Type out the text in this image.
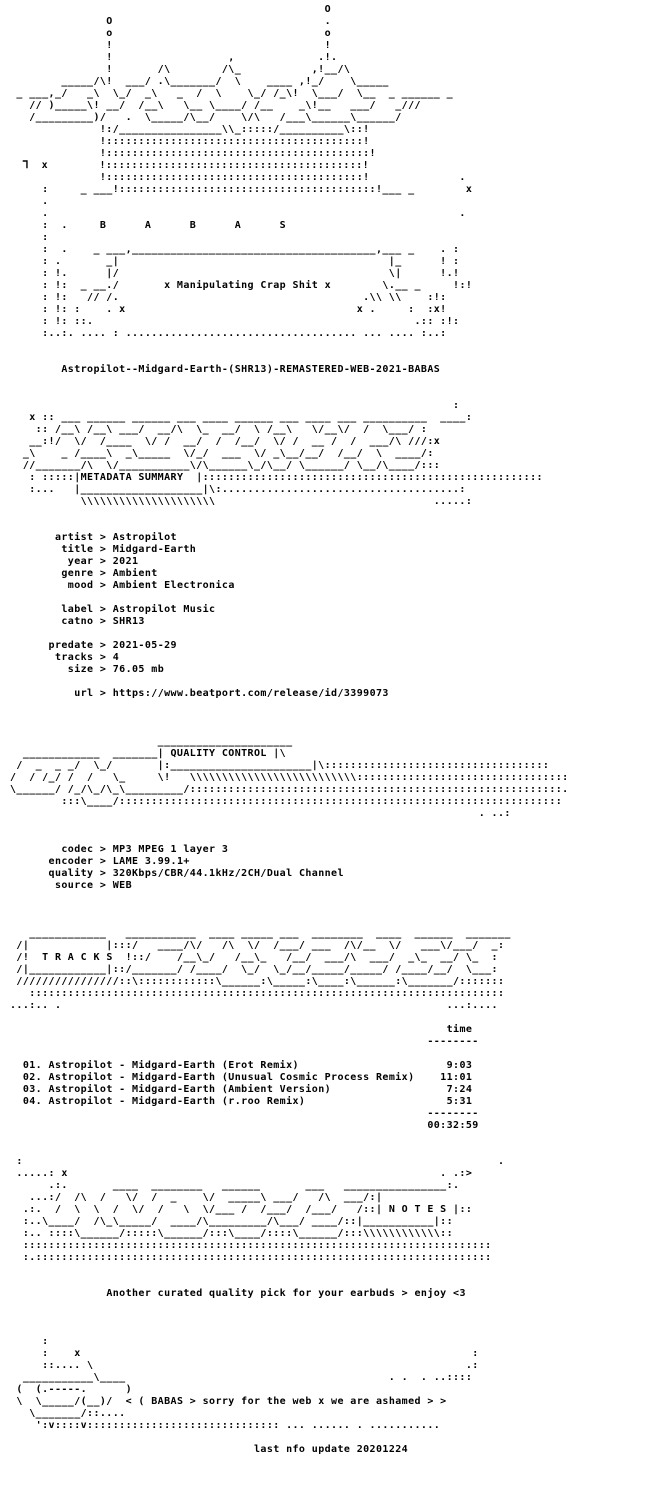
O
O                                 .
o                                 o
!                                 !
!                  ,             .!.
!       /\        /\_           ,!__/\
_____/\!  ___/ .\_______/  \    ____ ,!_/    \_____
_ ___,_/   _\  \_/  _\   _  /  \    \_/ /_\!  \___/  \__  _ ______ _
// )_____\! __/  /__\   \__ \____/ /__    _\!__   ___/   _///
/_________)/   .  \_____/\__/    \/\   /___\______\______/
!:/________________\\_:::::/__________\::!
!::::::::::::::::::::::::::::::::::::::::!
!:::::::::::::::::::::::::::::::::::::::::!
⅂  x        !::::::::::::::::::::::::::::::::::::::::!
!::::::::::::::::::::::::::::::::::::::::!              .
:     _ ___!::::::::::::::::::::::::::::::::::::::::!___ _        x
.
.                                                                .
:  .     B      A      B      A      S
:
:  .    _ ___,______________________________________,___ _    . :
: .       _|                                          |_      ! :
: !.      |/                                          \|      !.!
: !:  _ __./       x Manipulating Crap Shit x	\.__ _     !:!
: !:   // /.                                      .\\ \\    :!:
: !: :    . x                                    x .     :  :x!
: !: ::.                                                  .:: :!:
:..:. .... : .................................... ... .... :..:

Astropilot--Midgard-Earth-(SHR13)-REMASTERED-WEB-2021-BABAS

:
x :: ___ ______ ______ ___ ____ ______ ___ ____ ___ __________  ____:
:: /__\ /__\ ___/  __/\  \_  __/  \ /__\   \/__\/  /  \___/ :
__:!/  \/  /____  \/ /  __/  /  /__/  \/ /  __ /  /  ___/\ ///:x
_\    _ /____\  _\_____  \/_/  ___  \/ _\__/__/  /__/  \  ____/:
//_______/\  \/___________\/\______\_/\__/ \______/ \__/\____/:::
: :::::|METADATA SUMMARY  |:::::::::::::::::::::::::::::::::::::::::::::::::::::
:...   |___________________|\:.....................................:
\\\\\\\\\\\\\\\\\\\\\                                  .....:

artist > Astropilot
title > Midgard-Earth
year > 2021
genre > Ambient
mood > Ambient Electronica

label > Astropilot Music
catno > SHR13

predate > 2021-05-29
tracks > 4
size > 76.05 mb

url > https://www.beatport.com/release/id/3399073

_____________________
____________  _______| QUALITY CONTROL |\
/  _  _ _/  \_/       |:______________________|\:::::::::::::::::::::::::::::::::::
/  / /_/ /  /   \_     \!   \\\\\\\\\\\\\\\\\\\\\\\\\\:::::::::::::::::::::::::::::::::
\______/ /_/\_/\_\_________/::::::::::::::::::::::::::::::::::::::::::::::::::::::::::.
:::\____/:::::::::::::::::::::::::::::::::::::::::::::::::::::::::::::::::::::
. ..:

codec > MP3 MPEG 1 layer 3
encoder > LAME 3.99.1+
quality > 320Kbps/CBR/44.1kHz/2CH/Dual Channel
source > WEB

____________   ___________  ____ _____ ___  ________  ____  ______  _______
/|            |:::/   ____/\/   /\  \/  /___/ ___  /\/__  \/   ___\/___/  _:
/!  T R A C K S  !::/    /__\_/   /__\_   /__/  ___/\  ___/  _\_  __/ \_  :
/|____________|::/_______/ /____/  \_/  \_/__/_____/_____/ /____/__/  \___:
////////////////::\::::::::::::\______:\_____:\____:\______:\_______/:::::::
::::::::::::::::::::::::::::::::::::::::::::::::::::::::::::::::::::::::::
...:.. .                                                            ...:....

time
--------

01. Astropilot - Midgard-Earth (Erot Remix)	9:03
02. Astropilot - Midgard-Earth (Unusual Cosmic Process Remix)	11:01
03. Astropilot - Midgard-Earth (Ambient Version)	7:24
04. Astropilot - Midgard-Earth (r.roo Remix)	5:31
--------
00:32:59

:                                                                          .
.....: x                                                          . .:>
.:.       ____  ________   ______       ___   ________________:.
...:/  /\  /   \/  /  _    \/  _____\ ___/   /\  ___/:|
.:.  /  \  \  /  \/  /   \  \/___ /  /___/  /___/   /::| N O T E S |::
:..\____/  /\_\_____/  ____/\_________/\___/ ____/::|___________|::
:.. ::::\______/:::::\______/:::\____/::::\______/:::\\\\\\\\\\\\::
:::::::::::::::::::::::::::::::::::::::::::::::::::::::::::::::::::::::::
:.:::::::::::::::::::::::::::::::::::::::::::::::::::::::::::::::::::::::

Another curated quality pick for your earbuds > enjoy <3

:
:    x                                                             :
::.... \                                                          .:
___________\____                                         . .  . ..::::
(  (.-----.      )
\  \_____/(__)/  < ( BABAS > sorry for the web x we are ashamed > >
\_______/::....
':v::::v:::::::::::::::::::::::::::::: ... ...... . ...........

last nfo update 20201224
